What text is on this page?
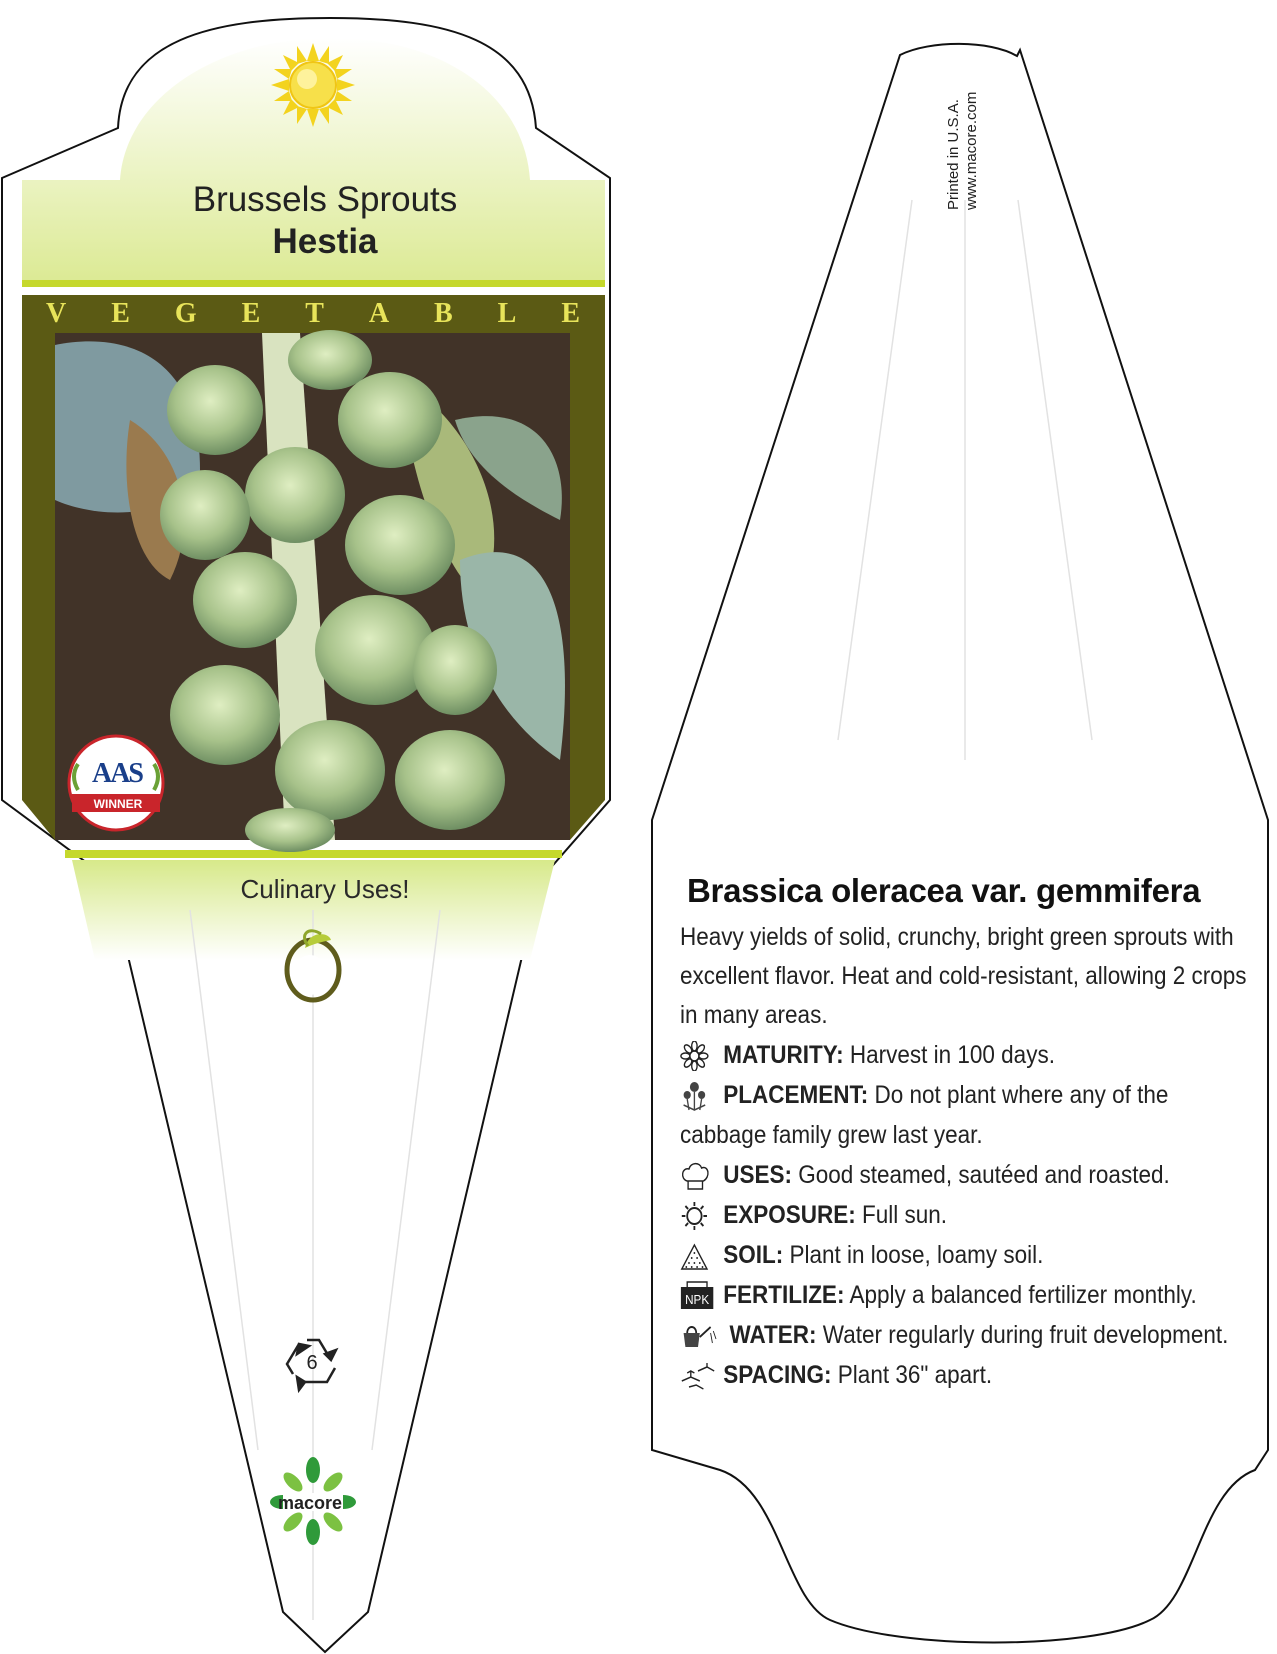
Brussels Sprouts

Hestia

V E G E T A B L E

AAS

WINNER

Culinary Uses!

6

macore

Printed in U.S.A. www.macore.com
Brassica oleracea var. gemmifera

Heavy yields of solid, crunchy, bright green sprouts with excellent flavor. Heat and cold-resistant, allowing 2 crops in many areas.

MATURITY: Harvest in 100 days.
PLACEMENT: Do not plant where any of the cabbage family grew last year.
USES: Good steamed, sautéed and roasted.
EXPOSURE: Full sun.
SOIL: Plant in loose, loamy soil.
NPK FERTILIZE: Apply a balanced fertilizer monthly.
WATER: Water regularly during fruit development.
SPACING: Plant 36" apart.
